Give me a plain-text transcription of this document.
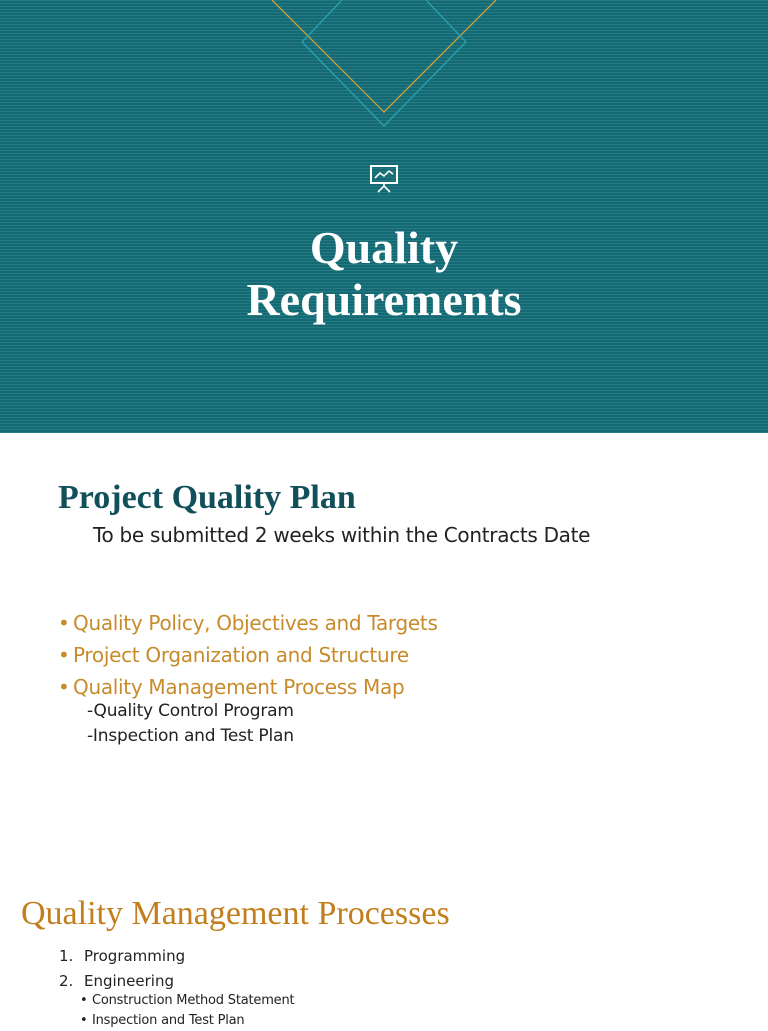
Quality
Requirements
Project Quality Plan
To be submitted 2 weeks within the Contracts Date
• Quality Policy, Objectives and Targets
• Project Organization and Structure
• Quality Management Process Map
-Quality Control Program
-Inspection and Test Plan
Quality Management Processes
1. Programming
2. Engineering
• Construction Method Statement
• Inspection and Test Plan
